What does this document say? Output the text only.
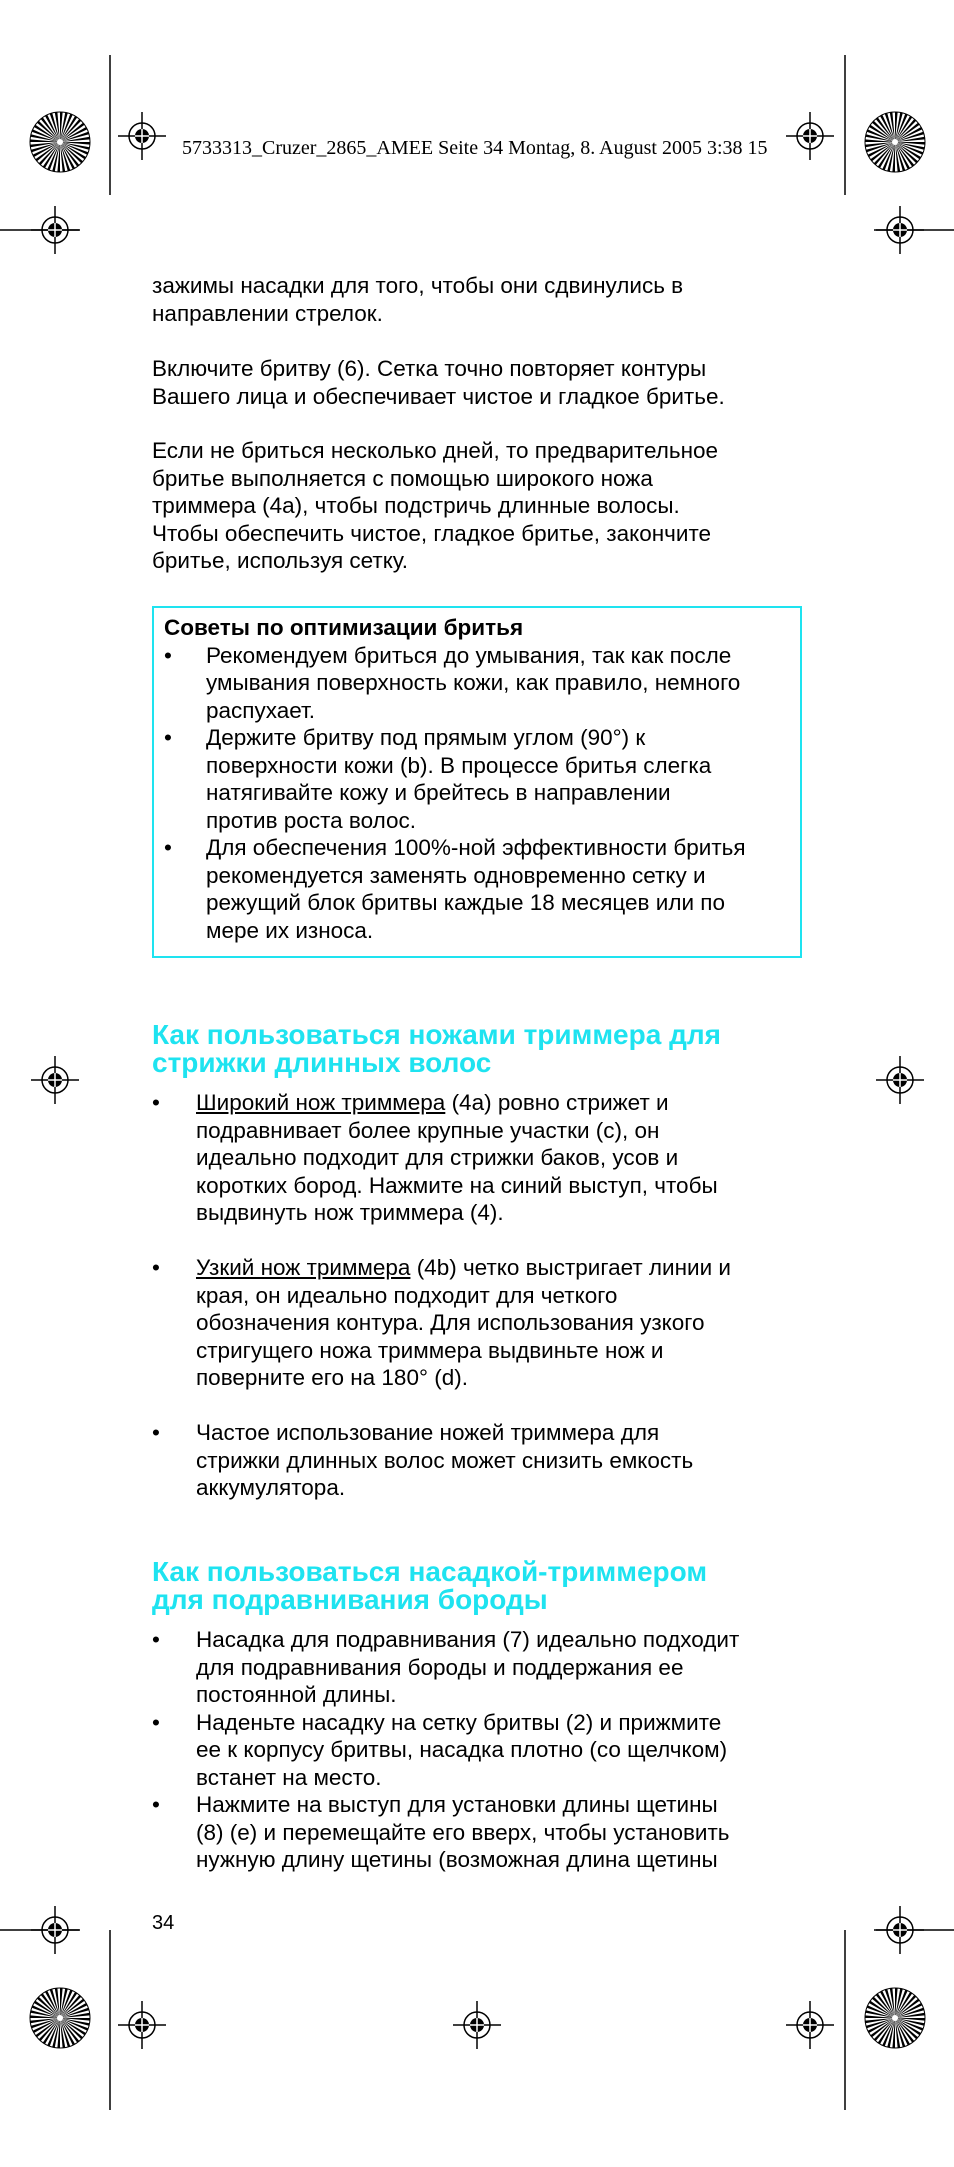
5733313_Cruzer_2865_AMEE Seite 34 Montag, 8. August 2005 3:38 15

зажимы насадки для того, чтобы они сдвинулись в
направлении стрелок.

Включите бритву (6). Сетка точно повторяет контуры
Вашего лица и обеспечивает чистое и гладкое бритье.

Если не бриться несколько дней, то предварительное
бритье выполняется с помощью широкого ножа
триммера (4a), чтобы подстричь длинные волосы.
Чтобы обеспечить чистое, гладкое бритье, закончите
бритье, используя сетку.

Советы по оптимизации бритья
• Рекомендуем бриться до умывания, так как после
умывания поверхность кожи, как правило, немного
распухает.
• Держите бритву под прямым углом (90°) к
поверхности кожи (b). В процессе бритья слегка
натягивайте кожу и брейтесь в направлении
против роста волос.
• Для обеспечения 100%-ной эффективности бритья
рекомендуется заменять одновременно сетку и
режущий блок бритвы каждые 18 месяцев или по
мере их износа.
Как пользоваться ножами триммера для
стрижки длинных волос
• Широкий нож триммера (4a) ровно стрижет и
подравнивает более крупные участки (c), он
идеально подходит для стрижки баков, усов и
коротких бород. Нажмите на синий выступ, чтобы
выдвинуть нож триммера (4).
• Узкий нож триммера (4b) четко выстригает линии и
края, он идеально подходит для четкого
обозначения контура. Для использования узкого
стригущего ножа триммера выдвиньте нож и
поверните его на 180° (d).
• Частое использование ножей триммера для
стрижки длинных волос может снизить емкость
аккумулятора.
Как пользоваться насадкой-триммером
для подравнивания бороды
• Насадка для подравнивания (7) идеально подходит
для подравнивания бороды и поддержания ее
постоянной длины.
• Наденьте насадку на сетку бритвы (2) и прижмите
ее к корпусу бритвы, насадка плотно (со щелчком)
встанет на место.
• Нажмите на выступ для установки длины щетины
(8) (e) и перемещайте его вверх, чтобы установить
нужную длину щетины (возможная длина щетины
34
